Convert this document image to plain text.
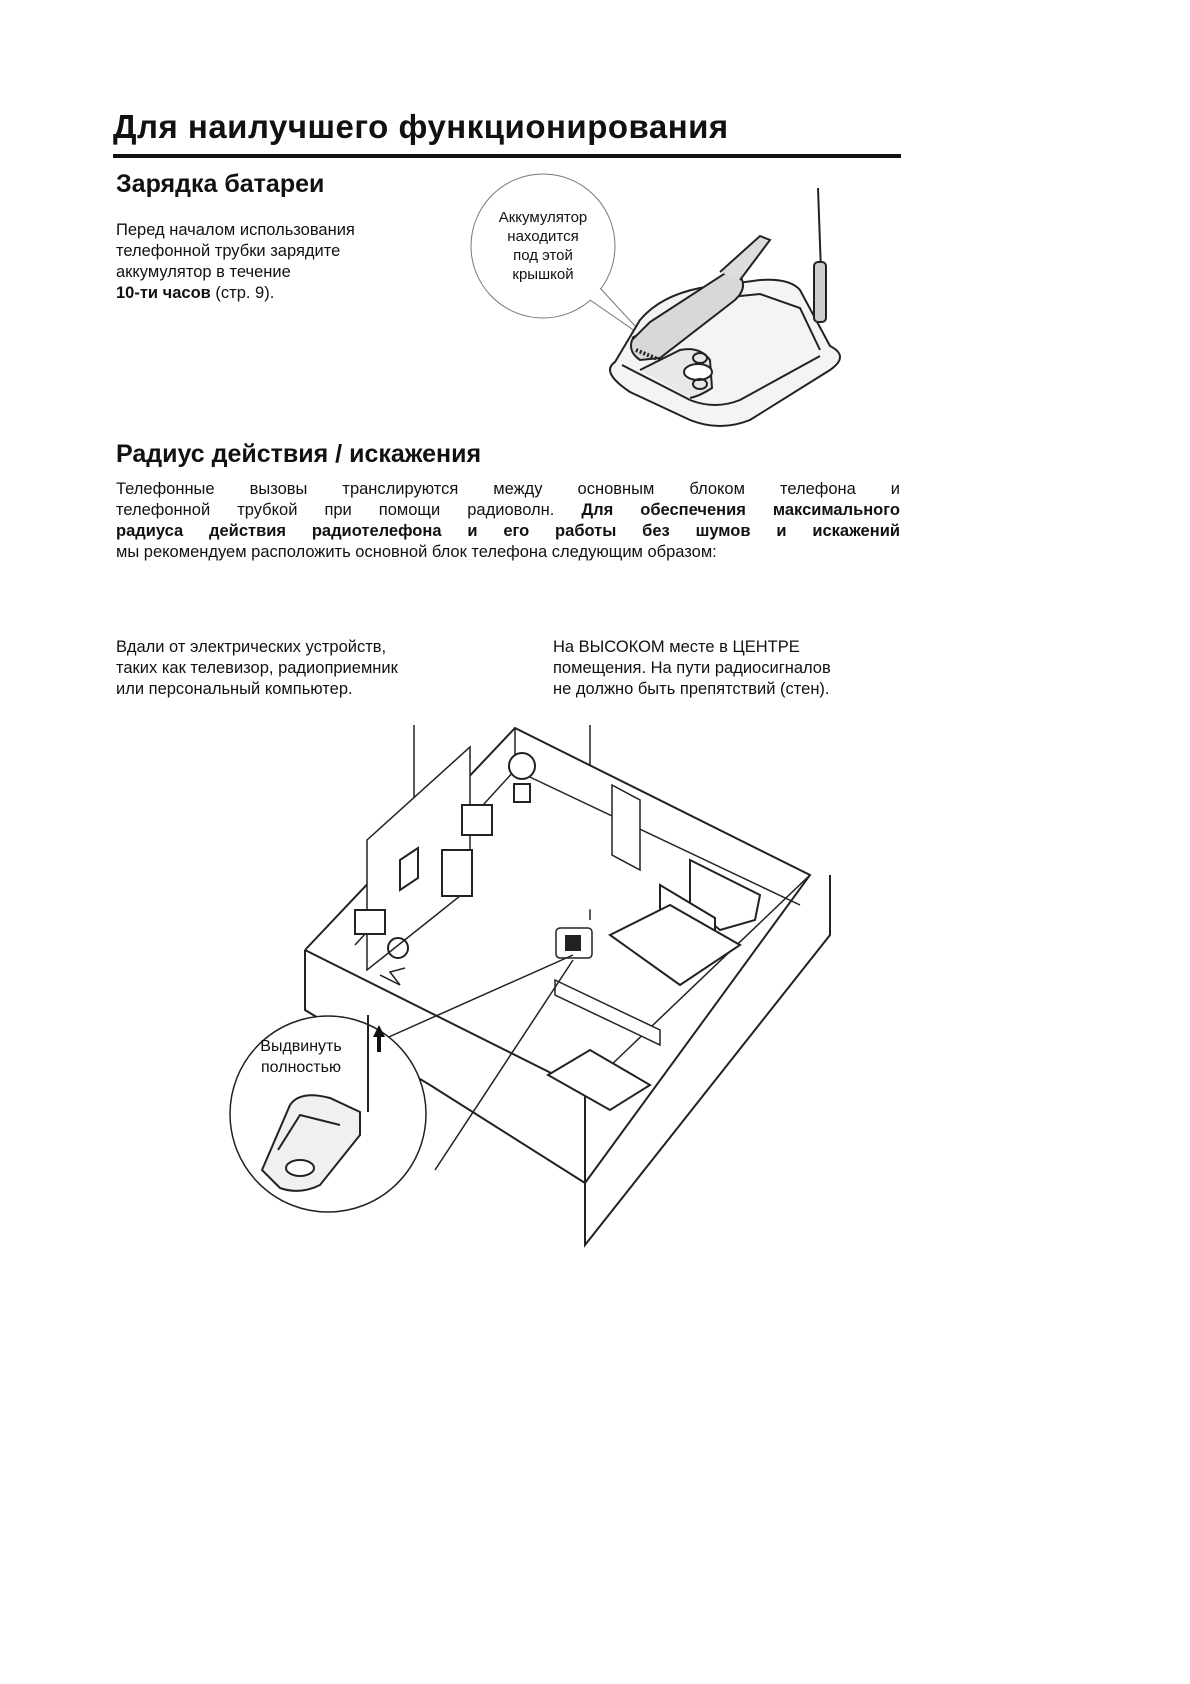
Для наилучшего функционирования
Зарядка батареи
Перед началом использования
телефонной трубки зарядите
аккумулятор в течение
10-ти часов (стр. 9).
Аккумулятор
находится
под этой
крышкой
Радиус действия / искажения
Телефонные вызовы транслируются между основным блоком телефона и
телефонной трубкой при помощи радиоволн. Для обеспечения максимального
радиуса действия радиотелефона и его работы без шумов и искажений
мы рекомендуем расположить основной блок телефона следующим образом:
Вдали от электрических устройств,
таких как телевизор, радиоприемник
или персональный компьютер.
На ВЫСОКОМ месте в ЦЕНТРЕ
помещения. На пути радиосигналов
не должно быть препятствий (стен).
Выдвинуть
полностью
